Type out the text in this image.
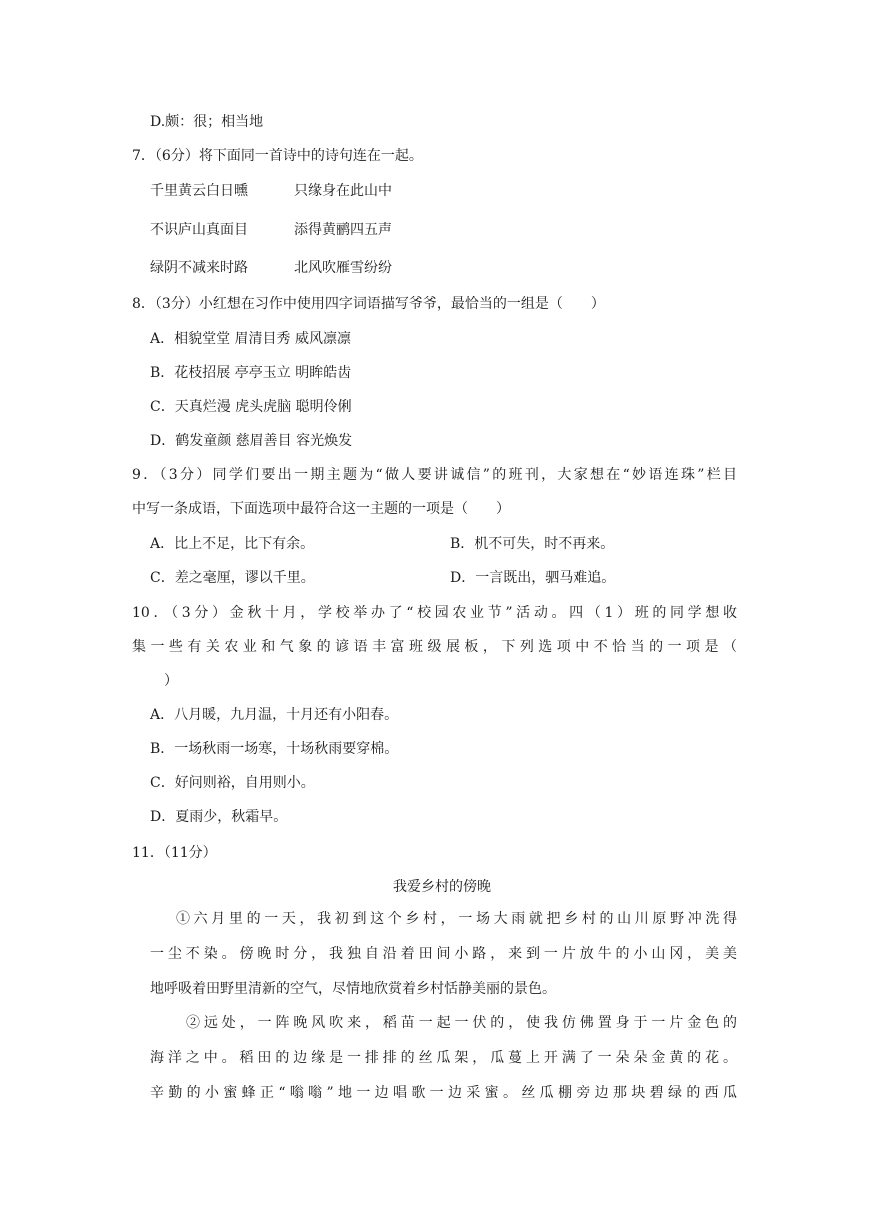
D.颇：很；相当地
7．（6分）将下面同一首诗中的诗句连在一起。
千里黄云白日曛	只缘身在此山中
不识庐山真面目	添得黄鹂四五声
绿阴不减来时路	北风吹雁雪纷纷
8．（3分）小红想在习作中使用四字词语描写爷爷，最恰当的一组是（　　）
A．相貌堂堂 眉清目秀 威风凛凛
B．花枝招展 亭亭玉立 明眸皓齿
C．天真烂漫 虎头虎脑 聪明伶俐
D．鹤发童颜 慈眉善目 容光焕发
9．（3分）同学们要出一期主题为“做人要讲诚信”的班刊，大家想在“妙语连珠”栏目
中写一条成语，下面选项中最符合这一主题的一项是（　　）
A．比上不足，比下有余。	B．机不可失，时不再来。
C．差之毫厘，谬以千里。	D．一言既出，驷马难追。
10．（3分）金秋十月，学校举办了“校园农业节”活动。四（1）班的同学想收
集一些有关农业和气象的谚语丰富班级展板，下列选项中不恰当的一项是（
）
A．八月暖，九月温，十月还有小阳春。
B．一场秋雨一场寒，十场秋雨要穿棉。
C．好问则裕，自用则小。
D．夏雨少，秋霜早。
11．（11分）
我爱乡村的傍晚
①六月里的一天，我初到这个乡村，一场大雨就把乡村的山川原野冲洗得
一尘不染。傍晚时分，我独自沿着田间小路，来到一片放牛的小山冈，美美
地呼吸着田野里清新的空气，尽情地欣赏着乡村恬静美丽的景色。
②远处，一阵晚风吹来，稻苗一起一伏的，使我仿佛置身于一片金色的
海洋之中。稻田的边缘是一排排的丝瓜架，瓜蔓上开满了一朵朵金黄的花。
辛勤的小蜜蜂正“嗡嗡”地一边唱歌一边采蜜。丝瓜棚旁边那块碧绿的西瓜
